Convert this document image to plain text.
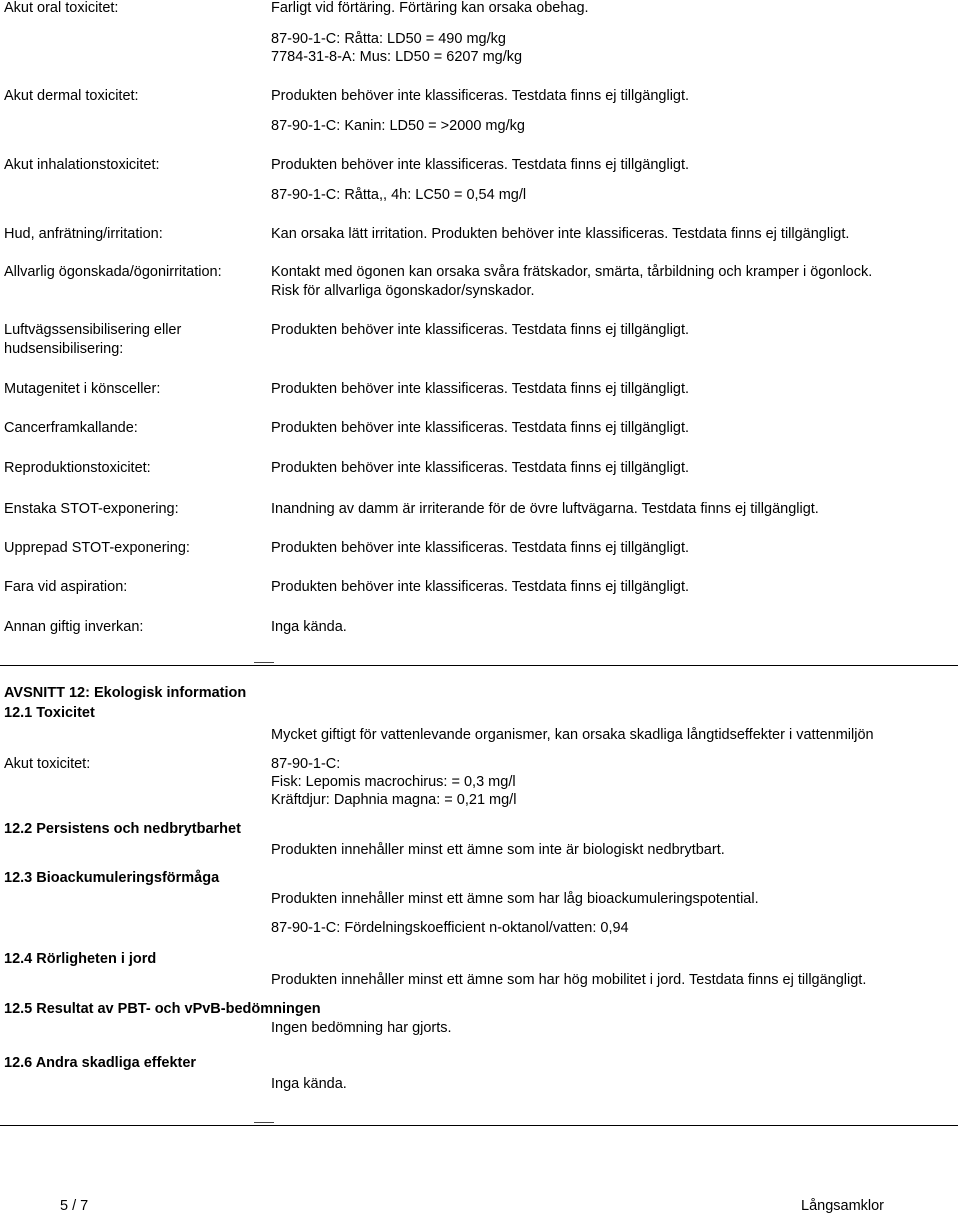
Akut oral toxicitet:	Farligt vid förtäring. Förtäring kan orsaka obehag.
87-90-1-C: Råtta: LD50 = 490 mg/kg
7784-31-8-A: Mus: LD50 = 6207 mg/kg
Akut dermal toxicitet:	Produkten behöver inte klassificeras. Testdata finns ej tillgängligt.
87-90-1-C: Kanin: LD50 = >2000 mg/kg
Akut inhalationstoxicitet:	Produkten behöver inte klassificeras. Testdata finns ej tillgängligt.
87-90-1-C: Råtta,, 4h: LC50 = 0,54 mg/l
Hud, anfrätning/irritation:	Kan orsaka lätt irritation. Produkten behöver inte klassificeras. Testdata finns ej tillgängligt.
Allvarlig ögonskada/ögonirritation:	Kontakt med ögonen kan orsaka svåra frätskador, smärta, tårbildning och kramper i ögonlock.
Risk för allvarliga ögonskador/synskador.
Luftvägssensibilisering eller
hudsensibilisering:
Produkten behöver inte klassificeras. Testdata finns ej tillgängligt.
Mutagenitet i könsceller:	Produkten behöver inte klassificeras. Testdata finns ej tillgängligt.
Cancerframkallande:	Produkten behöver inte klassificeras. Testdata finns ej tillgängligt.
Reproduktionstoxicitet:	Produkten behöver inte klassificeras. Testdata finns ej tillgängligt.
Enstaka STOT-exponering:	Inandning av damm är irriterande för de övre luftvägarna. Testdata finns ej tillgängligt.
Upprepad STOT-exponering:	Produkten behöver inte klassificeras. Testdata finns ej tillgängligt.
Fara vid aspiration:	Produkten behöver inte klassificeras. Testdata finns ej tillgängligt.
Annan giftig inverkan:	Inga kända.
AVSNITT 12: Ekologisk information
12.1 Toxicitet
Mycket giftigt för vattenlevande organismer, kan orsaka skadliga långtidseffekter i vattenmiljön
Akut toxicitet:	87-90-1-C:
Fisk: Lepomis macrochirus: = 0,3 mg/l
Kräftdjur: Daphnia magna: = 0,21 mg/l
12.2 Persistens och nedbrytbarhet
Produkten innehåller minst ett ämne som inte är biologiskt nedbrytbart.
12.3 Bioackumuleringsförmåga
Produkten innehåller minst ett ämne som har låg bioackumuleringspotential.
87-90-1-C: Fördelningskoefficient n-oktanol/vatten: 0,94
12.4 Rörligheten i jord
Produkten innehåller minst ett ämne som har hög mobilitet i jord. Testdata finns ej tillgängligt.
12.5 Resultat av PBT- och vPvB-bedömningen
Ingen bedömning har gjorts.
12.6 Andra skadliga effekter
Inga kända.
5 / 7	Långsamklor
